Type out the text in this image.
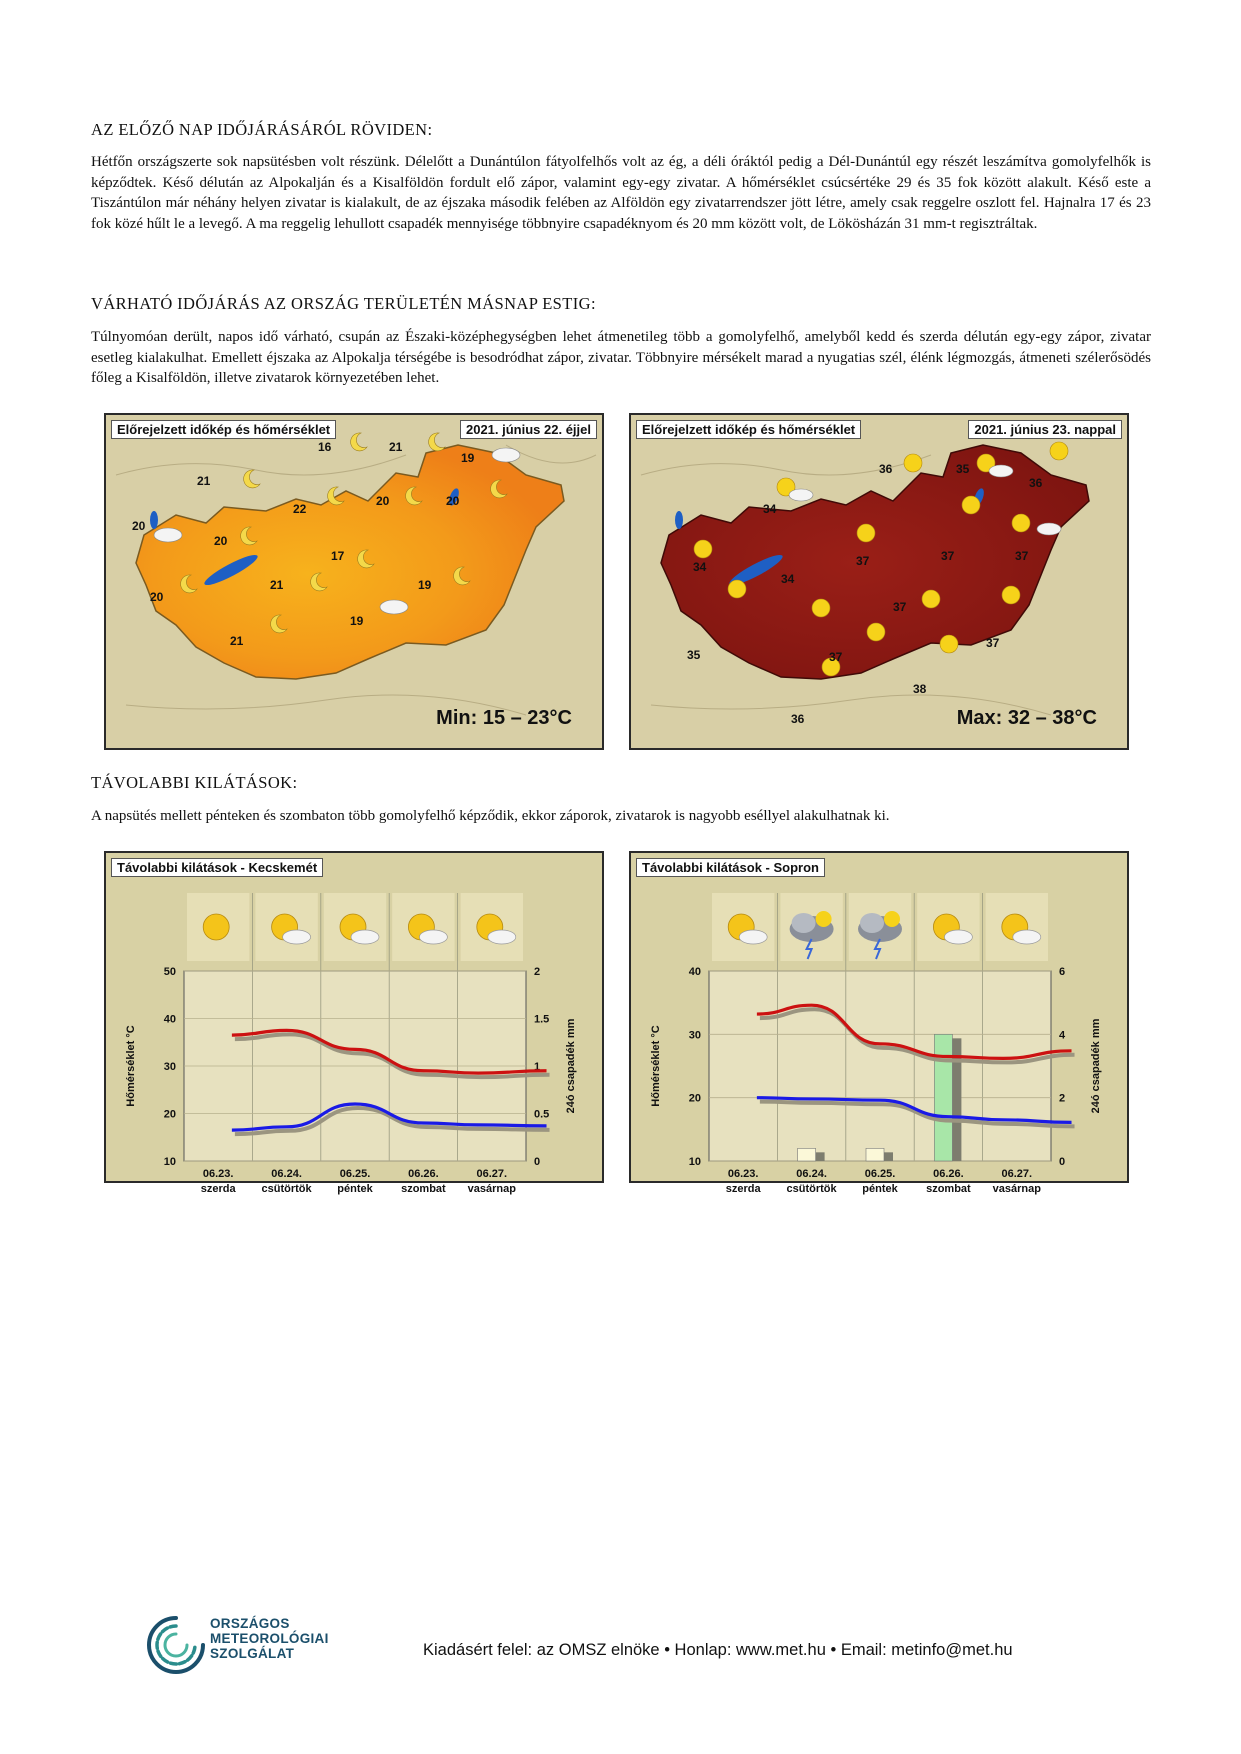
AZ ELŐZŐ NAP IDŐJÁRÁSÁRÓL RÖVIDEN:

Hétfőn országszerte sok napsütésben volt részünk. Délelőtt a Dunántúlon fátyolfelhős volt az ég, a déli óráktól pedig a Dél-Dunántúl egy részét leszámítva gomolyfelhők is képződtek. Késő délután az Alpokalján és a Kisalföldön fordult elő zápor, valamint egy-egy zivatar. A hőmérséklet csúcsértéke 29 és 35 fok között alakult. Késő este a Tiszántúlon már néhány helyen zivatar is kialakult, de az éjszaka második felében az Alföldön egy zivatarrendszer jött létre, amely csak reggelre oszlott fel. Hajnalra 17 és 23 fok közé hűlt le a levegő. A ma reggelig lehullott csapadék mennyisége többnyire csapadéknyom és 20 mm között volt, de Lökösházán 31 mm-t regisztráltak.

VÁRHATÓ IDŐJÁRÁS AZ ORSZÁG TERÜLETÉN MÁSNAP ESTIG:

Túlnyomóan derült, napos idő várható, csupán az Északi-középhegységben lehet átmenetileg több a gomolyfelhő, amelyből kedd és szerda délután egy-egy zápor, zivatar esetleg kialakulhat. Emellett éjszaka az Alpokalja térségébe is besodródhat zápor, zivatar. Többnyire mérsékelt marad a nyugatias szél, élénk légmozgás, átmeneti szélerősödés főleg a Kisalföldön, illetve zivatarok környezetében lehet.

16	21
19
21
22
20	20
20
17
19
20
21
19
21
20
Előrejelzett időkép és hőmérséklet	2021. június 22. éjjel
Min: 15 – 23°C
36	35
36
34
37	37	37
34
34
37
35	37
37
38
36
Előrejelzett időkép és hőmérséklet	2021. június 23. nappal
Max: 32 – 38°C
TÁVOLABBI KILÁTÁSOK:

A napsütés mellett pénteken és szombaton több gomolyfelhő képződik, ekkor záporok, zivatarok is nagyobb eséllyel alakulhatnak ki.

Távolabbi kilátások - Kecskemét
10
20
30
40
50
0
0.5
1
1.5
2
Hőmérséklet °C	24ó csapadék mm
06.23.
szerda
06.24.
csütörtök
06.25.
péntek
06.26.
szombat
06.27.
vasárnap
Távolabbi kilátások - Sopron
10
20
30
40
0
2
4
6
Hőmérséklet °C	24ó csapadék mm
06.23.
szerda
06.24.
csütörtök
06.25.
péntek
06.26.
szombat
06.27.
vasárnap
ORSZÁGOS
METEOROLÓGIAI
SZOLGÁLAT	Kiadásért felel: az OMSZ elnöke • Honlap: www.met.hu • Email: metinfo@met.hu
